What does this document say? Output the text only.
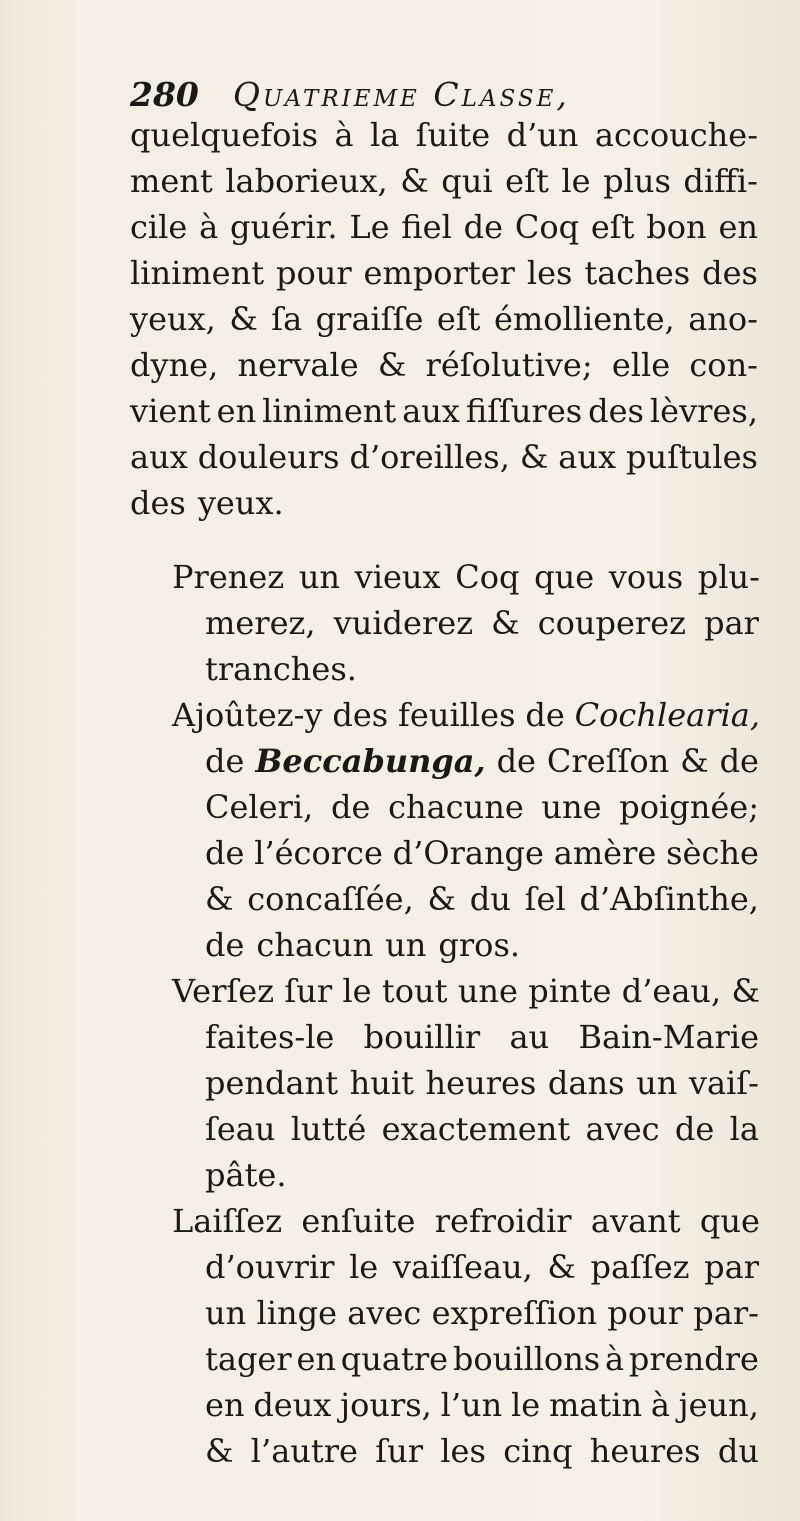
280 Quatrieme Classe,
quelquefois à la ſuite d’un accouche-
ment laborieux, & qui eſt le plus diffi-
cile à guérir. Le fiel de Coq eſt bon en
liniment pour emporter les taches des
yeux, & ſa graiſſe eſt émolliente, ano-
dyne, nervale & réſolutive; elle con-
vient en liniment aux fiſſures des lèvres,
aux douleurs d’oreilles, & aux puſtules
des yeux.
Prenez un vieux Coq que vous plu-
merez, vuiderez & couperez par
tranches.
Ajoûtez-y des feuilles de Cochlearia,
de Beccabunga, de Creſſon & de
Celeri, de chacune une poignée;
de l’écorce d’Orange amère sèche
& concaſſée, & du ſel d’Abſinthe,
de chacun un gros.
Verſez ſur le tout une pinte d’eau, &
faites-le bouillir au Bain-Marie
pendant huit heures dans un vaiſ-
ſeau lutté exactement avec de la
pâte.
Laiſſez enſuite refroidir avant que
d’ouvrir le vaiſſeau, & paſſez par
un linge avec expreſſion pour par-
tager en quatre bouillons à prendre
en deux jours, l’un le matin à jeun,
& l’autre ſur les cinq heures du
